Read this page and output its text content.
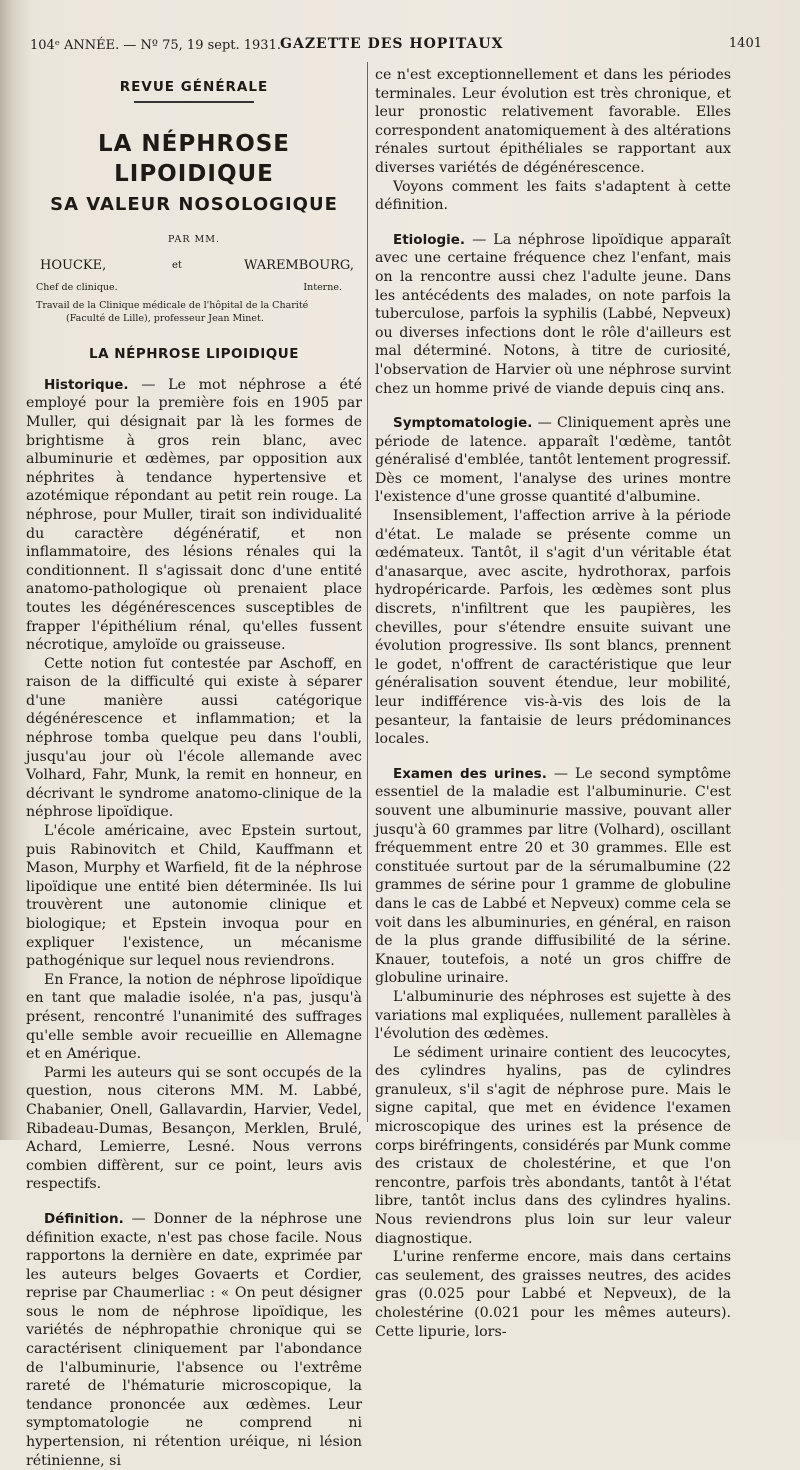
104ᵉ ANNÉE. — Nº 75, 19 sept. 1931. GAZETTE DES HOPITAUX	1401
REVUE GÉNÉRALE
LA NÉPHROSE LIPOIDIQUE
SA VALEUR NOSOLOGIQUE
PAR MM.
HOUCKE,	et	WAREMBOURG,
Chef de clinique.	Interne.
Travail de la Clinique médicale de l'hôpital de la Charité
(Faculté de Lille), professeur Jean Minet.
LA NÉPHROSE LIPOIDIQUE

Historique. — Le mot néphrose a été employé pour la première fois en 1905 par Muller, qui désignait par là les formes de brightisme à gros rein blanc, avec albuminurie et œdèmes, par opposition aux néphrites à tendance hypertensive et azotémique répondant au petit rein rouge. La néphrose, pour Muller, tirait son individualité du caractère dégénératif, et non inflammatoire, des lésions rénales qui la conditionnent. Il s'agissait donc d'une entité anatomo-pathologique où prenaient place toutes les dégénérescences susceptibles de frapper l'épithélium rénal, qu'elles fussent nécrotique, amyloïde ou graisseuse.

Cette notion fut contestée par Aschoff, en raison de la difficulté qui existe à séparer d'une manière aussi catégorique dégénérescence et inflammation; et la néphrose tomba quelque peu dans l'oubli, jusqu'au jour où l'école allemande avec Volhard, Fahr, Munk, la remit en honneur, en décrivant le syndrome anatomo-clinique de la néphrose lipoïdique.

L'école américaine, avec Epstein surtout, puis Rabinovitch et Child, Kauffmann et Mason, Murphy et Warfield, fit de la néphrose lipoïdique une entité bien déterminée. Ils lui trouvèrent une autonomie clinique et biologique; et Epstein invoqua pour en expliquer l'existence, un mécanisme pathogénique sur lequel nous reviendrons.

En France, la notion de néphrose lipoïdique en tant que maladie isolée, n'a pas, jusqu'à présent, rencontré l'unanimité des suffrages qu'elle semble avoir recueillie en Allemagne et en Amérique.

Parmi les auteurs qui se sont occupés de la question, nous citerons MM. M. Labbé, Chabanier, Onell, Gallavardin, Harvier, Vedel, Ribadeau-Dumas, Besançon, Merklen, Brulé, Achard, Lemierre, Lesné. Nous verrons combien diffèrent, sur ce point, leurs avis respectifs.

Définition. — Donner de la néphrose une définition exacte, n'est pas chose facile. Nous rapportons la dernière en date, exprimée par les auteurs belges Govaerts et Cordier, reprise par Chaumerliac : « On peut désigner sous le nom de néphrose lipoïdique, les variétés de néphropathie chronique qui se caractérisent cliniquement par l'abondance de l'albuminurie, l'absence ou l'extrême rareté de l'hématurie microscopique, la tendance prononcée aux œdèmes. Leur symptomatologie ne comprend ni hypertension, ni rétention uréique, ni lésion rétinienne, si

ce n'est exceptionnellement et dans les périodes terminales. Leur évolution est très chronique, et leur pronostic relativement favorable. Elles correspondent anatomiquement à des altérations rénales surtout épithéliales se rapportant aux diverses variétés de dégénérescence.

Voyons comment les faits s'adaptent à cette définition.

Etiologie. — La néphrose lipoïdique apparaît avec une certaine fréquence chez l'enfant, mais on la rencontre aussi chez l'adulte jeune. Dans les antécédents des malades, on note parfois la tuberculose, parfois la syphilis (Labbé, Nepveux) ou diverses infections dont le rôle d'ailleurs est mal déterminé. Notons, à titre de curiosité, l'observation de Harvier où une néphrose survint chez un homme privé de viande depuis cinq ans.

Symptomatologie. — Cliniquement après une période de latence. apparaît l'œdème, tantôt généralisé d'emblée, tantôt lentement progressif. Dès ce moment, l'analyse des urines montre l'existence d'une grosse quantité d'albumine.

Insensiblement, l'affection arrive à la période d'état. Le malade se présente comme un œdémateux. Tantôt, il s'agit d'un véritable état d'anasarque, avec ascite, hydrothorax, parfois hydropéricarde. Parfois, les œdèmes sont plus discrets, n'infiltrent que les paupières, les chevilles, pour s'étendre ensuite suivant une évolution progressive. Ils sont blancs, prennent le godet, n'offrent de caractéristique que leur généralisation souvent étendue, leur mobilité, leur indifférence vis-à-vis des lois de la pesanteur, la fantaisie de leurs prédominances locales.

Examen des urines. — Le second symptôme essentiel de la maladie est l'albuminurie. C'est souvent une albuminurie massive, pouvant aller jusqu'à 60 grammes par litre (Volhard), oscillant fréquemment entre 20 et 30 grammes. Elle est constituée surtout par de la sérumalbumine (22 grammes de sérine pour 1 gramme de globuline dans le cas de Labbé et Nepveux) comme cela se voit dans les albuminuries, en général, en raison de la plus grande diffusibilité de la sérine. Knauer, toutefois, a noté un gros chiffre de globuline urinaire.

L'albuminurie des néphroses est sujette à des variations mal expliquées, nullement parallèles à l'évolution des œdèmes.

Le sédiment urinaire contient des leucocytes, des cylindres hyalins, pas de cylindres granuleux, s'il s'agit de néphrose pure. Mais le signe capital, que met en évidence l'examen microscopique des urines est la présence de corps biréfringents, considérés par Munk comme des cristaux de cholestérine, et que l'on rencontre, parfois très abondants, tantôt à l'état libre, tantôt inclus dans des cylindres hyalins. Nous reviendrons plus loin sur leur valeur diagnostique.

L'urine renferme encore, mais dans certains cas seulement, des graisses neutres, des acides gras (0.025 pour Labbé et Nepveux), de la cholestérine (0.021 pour les mêmes auteurs). Cette lipurie, lors-
